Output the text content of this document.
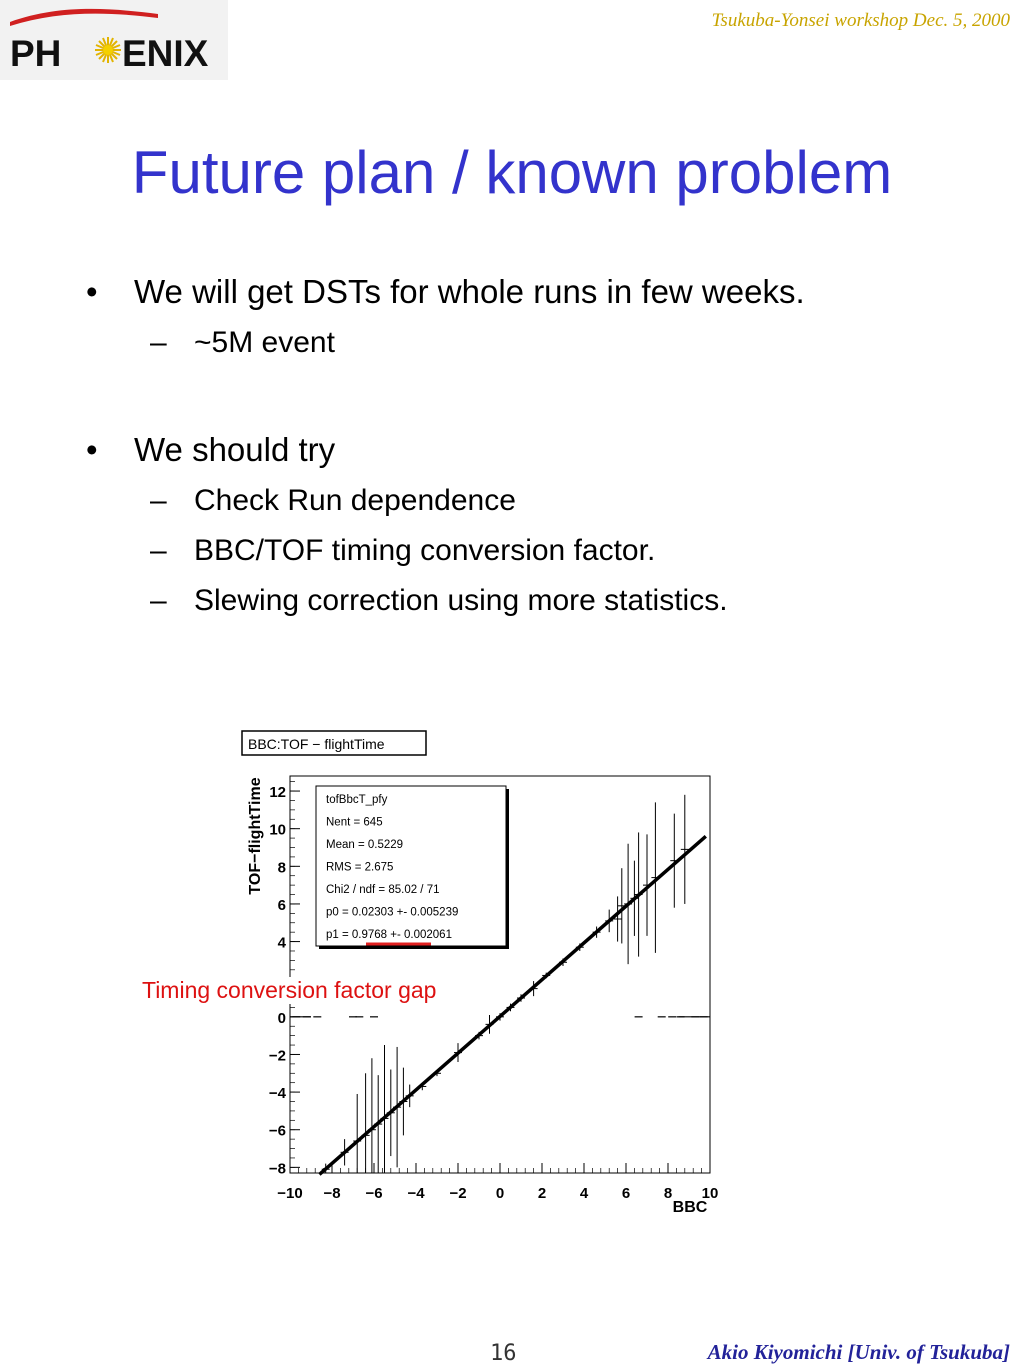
PH ENIX
Tsukuba-Yonsei workshop Dec. 5, 2000
Future plan / known problem
• We will get DSTs for whole runs in few weeks.
– ~5M event
• We should try
– Check Run dependence
– BBC/TOF timing conversion factor.
– Slewing correction using more statistics.
BBC:TOF − flightTime
−10 −8 −6 −4 −2 0 2 4 6 8 10
−8
−6
−4
−2
0
4
6
8
10
12
TOF−flightTime
BBC
tofBbcT_pfy
Nent = 645
Mean = 0.5229
RMS = 2.675
Chi2 / ndf = 85.02 / 71
p0 = 0.02303 +- 0.005239
p1 = 0.9768 +- 0.002061
Timing conversion factor gap
16	Akio Kiyomichi [Univ. of Tsukuba]
